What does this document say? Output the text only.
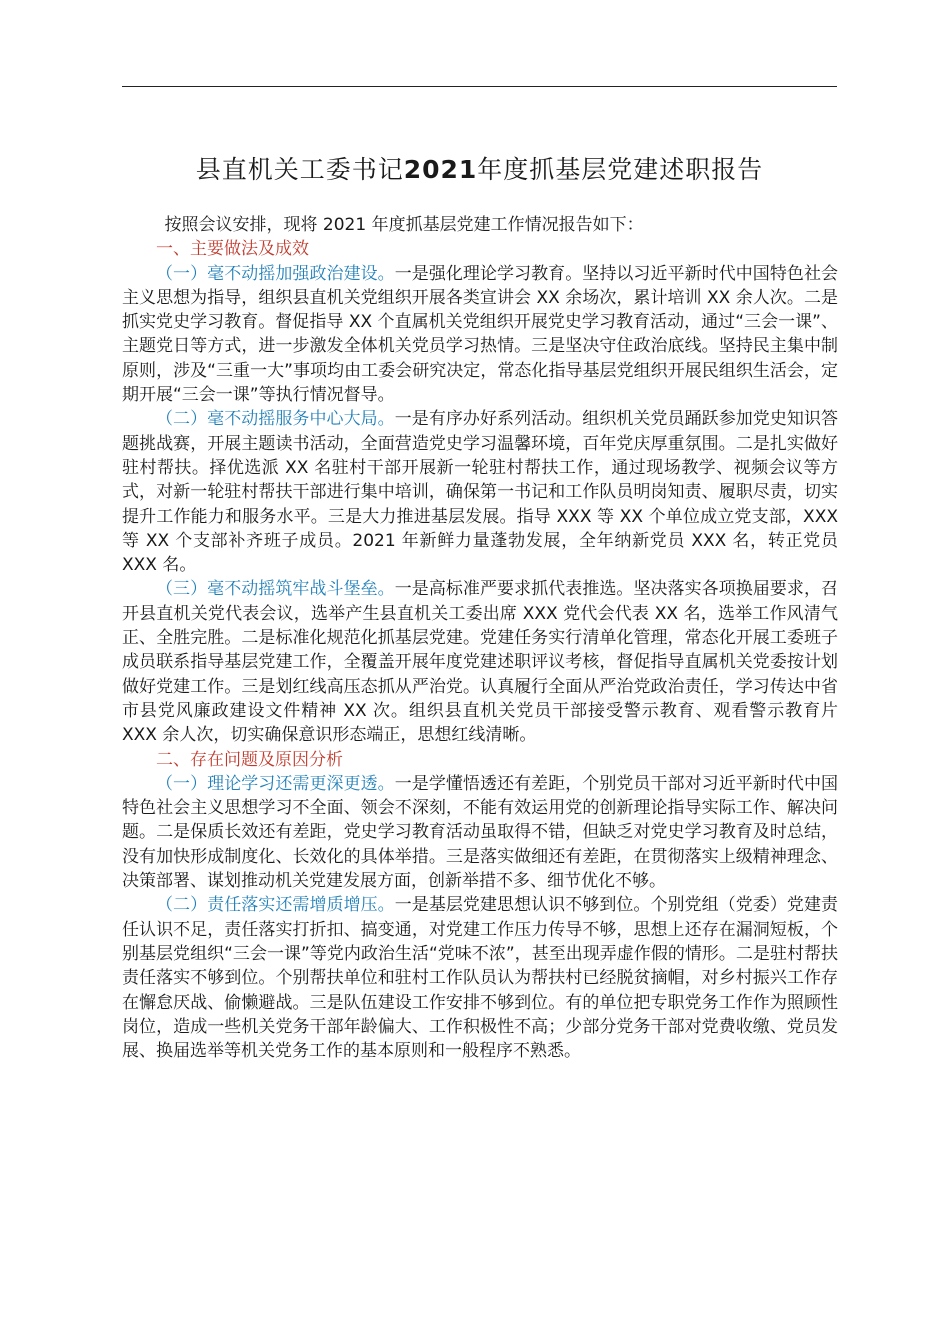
县直机关工委书记2021年度抓基层党建述职报告

按照会议安排，现将 2021 年度抓基层党建工作情况报告如下：

一、主要做法及成效

（一）毫不动摇加强政治建设。一是强化理论学习教育。坚持以习近平新时代中国特色社会主义思想为指导，组织县直机关党组织开展各类宣讲会 XX 余场次，累计培训 XX 余人次。二是抓实党史学习教育。督促指导 XX 个直属机关党组织开展党史学习教育活动，通过“三会一课”、主题党日等方式，进一步激发全体机关党员学习热情。三是坚决守住政治底线。坚持民主集中制原则，涉及“三重一大”事项均由工委会研究决定，常态化指导基层党组织开展民组织生活会，定期开展“三会一课”等执行情况督导。

（二）毫不动摇服务中心大局。一是有序办好系列活动。组织机关党员踊跃参加党史知识答题挑战赛，开展主题读书活动，全面营造党史学习温馨环境，百年党庆厚重氛围。二是扎实做好驻村帮扶。择优选派 XX 名驻村干部开展新一轮驻村帮扶工作，通过现场教学、视频会议等方式，对新一轮驻村帮扶干部进行集中培训，确保第一书记和工作队员明岗知责、履职尽责，切实提升工作能力和服务水平。三是大力推进基层发展。指导 XXX 等 XX 个单位成立党支部，XXX 等 XX 个支部补齐班子成员。2021 年新鲜力量蓬勃发展，全年纳新党员 XXX 名，转正党员 XXX 名。

（三）毫不动摇筑牢战斗堡垒。一是高标准严要求抓代表推选。坚决落实各项换届要求，召开县直机关党代表会议，选举产生县直机关工委出席 XXX 党代会代表 XX 名，选举工作风清气正、全胜完胜。二是标准化规范化抓基层党建。党建任务实行清单化管理，常态化开展工委班子成员联系指导基层党建工作，全覆盖开展年度党建述职评议考核，督促指导直属机关党委按计划做好党建工作。三是划红线高压态抓从严治党。认真履行全面从严治党政治责任，学习传达中省市县党风廉政建设文件精神 XX 次。组织县直机关党员干部接受警示教育、观看警示教育片 XXX 余人次，切实确保意识形态端正，思想红线清晰。

二、存在问题及原因分析

（一）理论学习还需更深更透。一是学懂悟透还有差距，个别党员干部对习近平新时代中国特色社会主义思想学习不全面、领会不深刻，不能有效运用党的创新理论指导实际工作、解决问题。二是保质长效还有差距，党史学习教育活动虽取得不错，但缺乏对党史学习教育及时总结，没有加快形成制度化、长效化的具体举措。三是落实做细还有差距，在贯彻落实上级精神理念、决策部署、谋划推动机关党建发展方面，创新举措不多、细节优化不够。

（二）责任落实还需增质增压。一是基层党建思想认识不够到位。个别党组（党委）党建责任认识不足，责任落实打折扣、搞变通，对党建工作压力传导不够，思想上还存在漏洞短板，个别基层党组织“三会一课”等党内政治生活“党味不浓”，甚至出现弄虚作假的情形。二是驻村帮扶责任落实不够到位。个别帮扶单位和驻村工作队员认为帮扶村已经脱贫摘帽，对乡村振兴工作存在懈怠厌战、偷懒避战。三是队伍建设工作安排不够到位。有的单位把专职党务工作作为照顾性岗位，造成一些机关党务干部年龄偏大、工作积极性不高；少部分党务干部对党费收缴、党员发展、换届选举等机关党务工作的基本原则和一般程序不熟悉。
